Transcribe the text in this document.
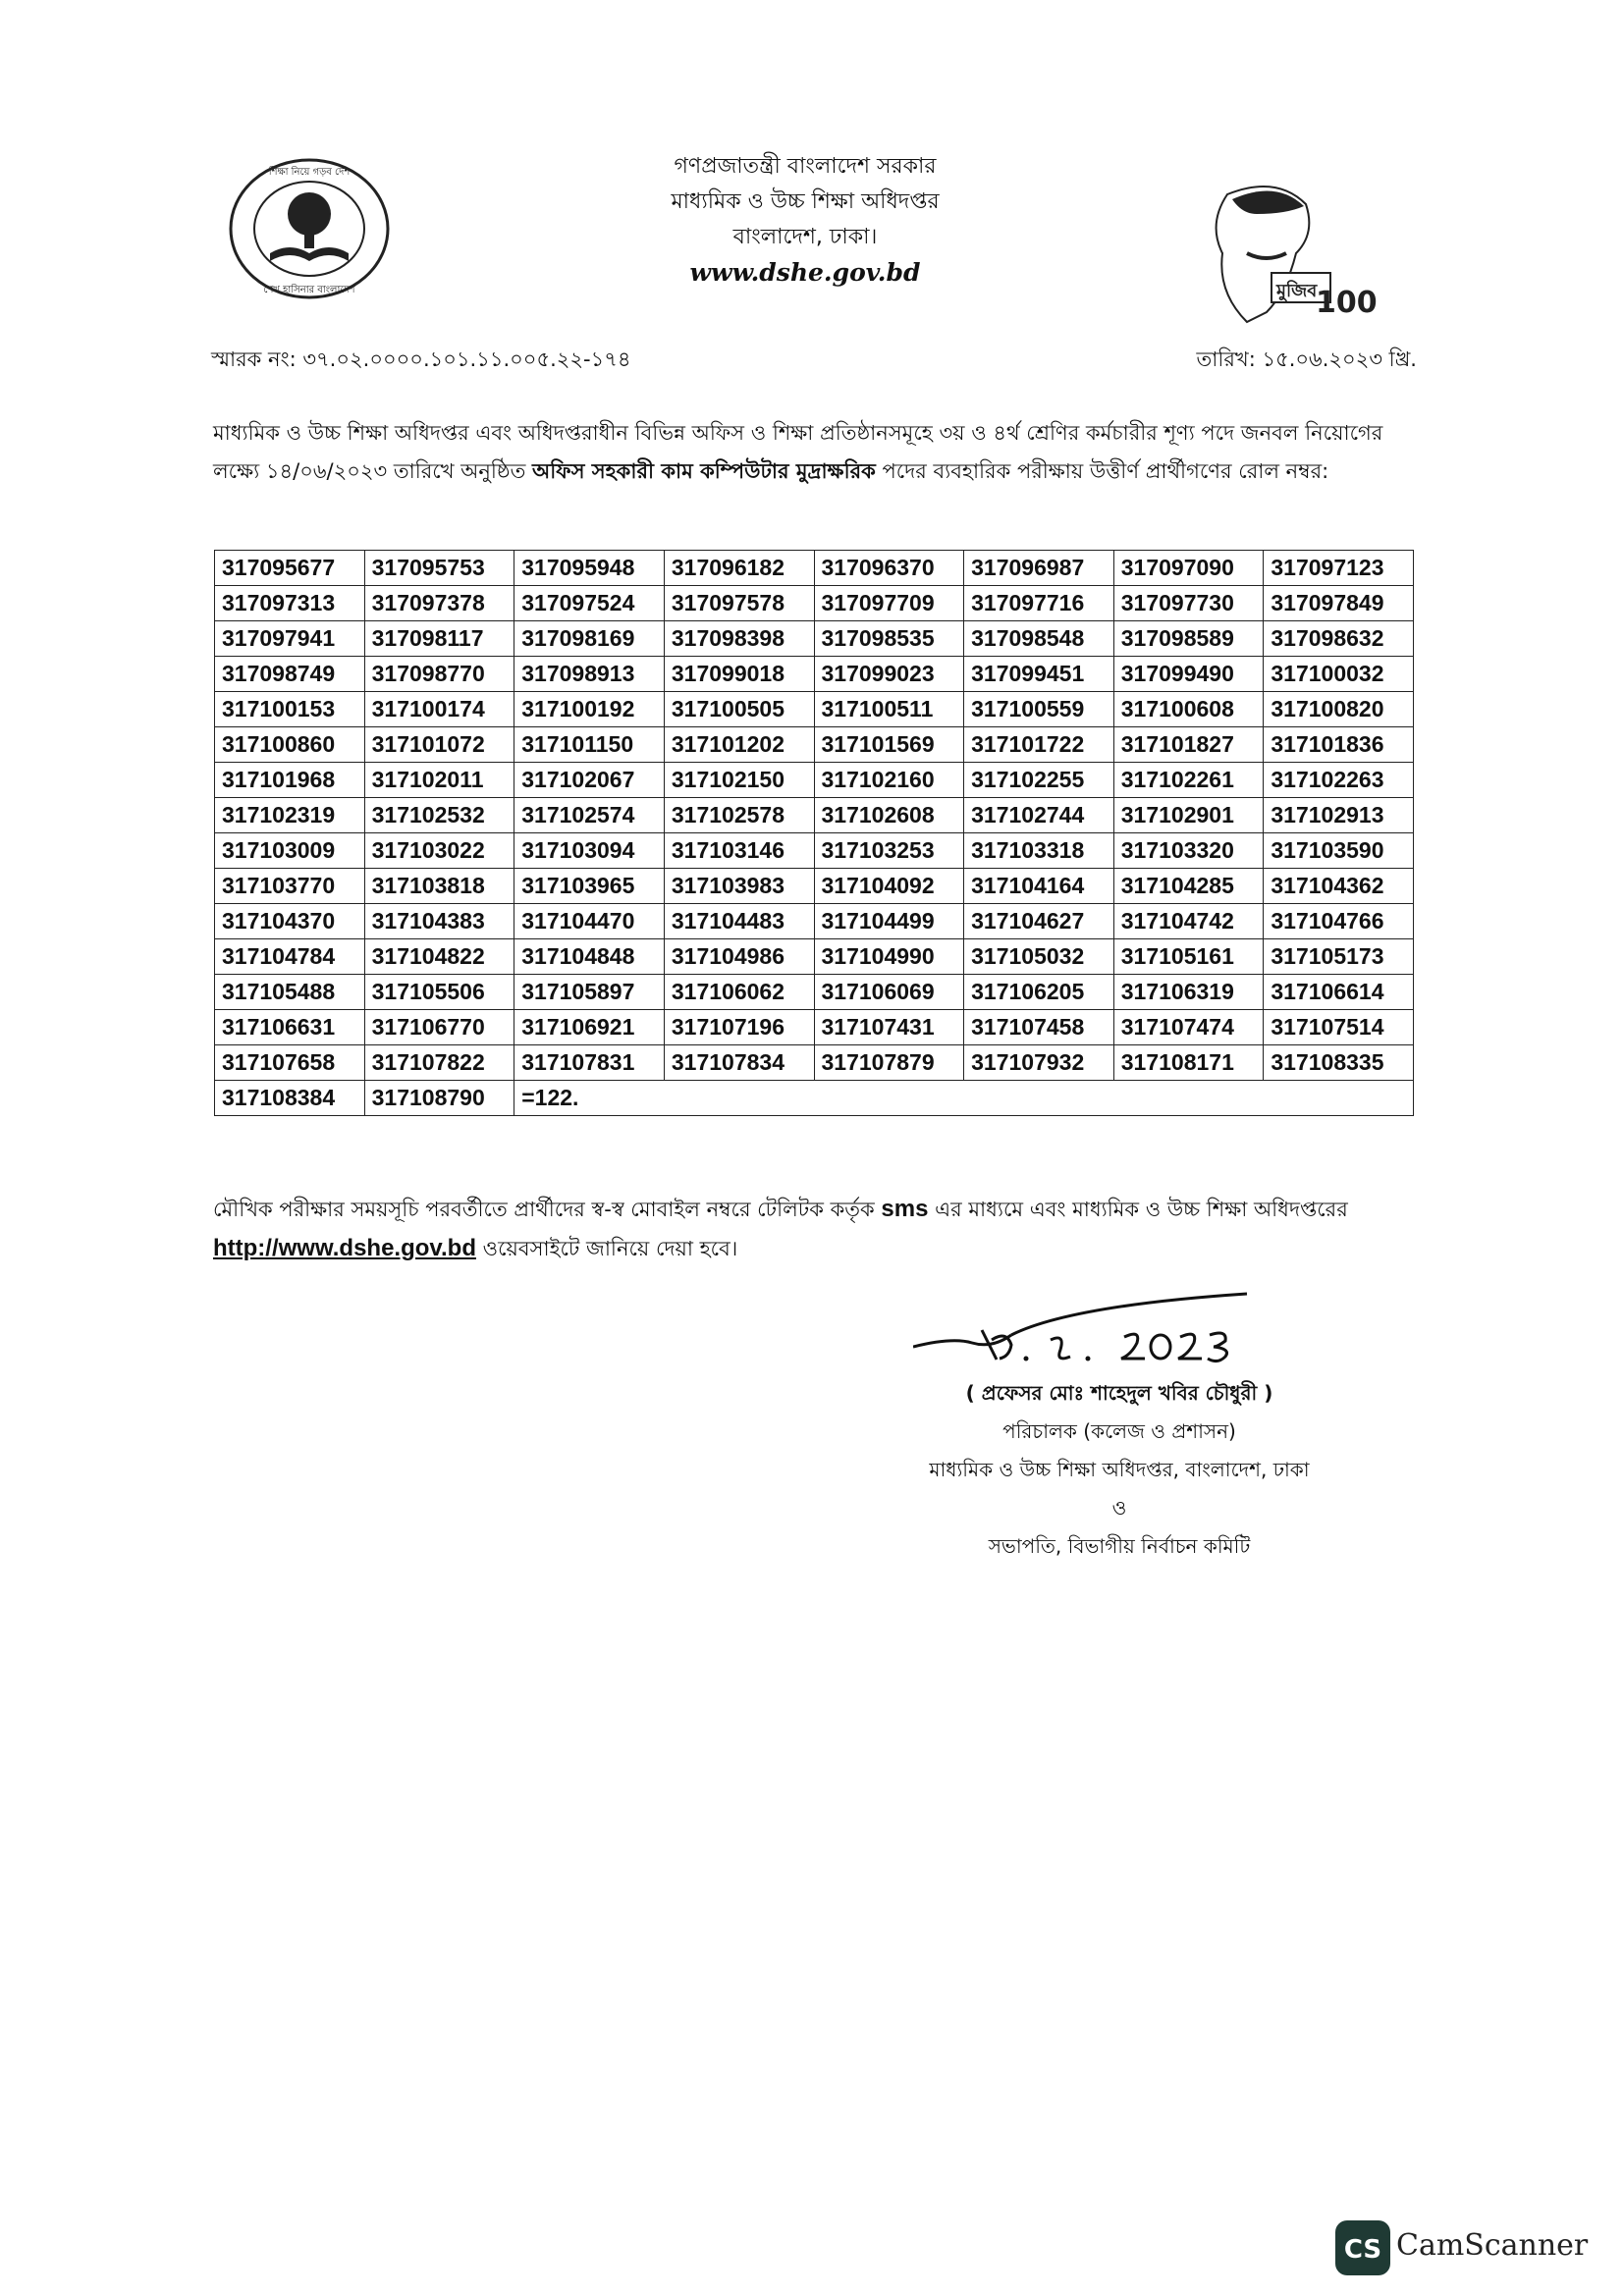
শিক্ষা নিয়ে গড়ব দেশ
শেখ হাসিনার বাংলাদেশ
গণপ্রজাতন্ত্রী বাংলাদেশ সরকার
মাধ্যমিক ও উচ্চ শিক্ষা অধিদপ্তর
বাংলাদেশ, ঢাকা।
www.dshe.gov.bd
100
মুজিব
স্মারক নং: ৩৭.০২.০০০০.১০১.১১.০০৫.২২-১৭৪	তারিখ: ১৫.০৬.২০২৩ খ্রি.
মাধ্যমিক ও উচ্চ শিক্ষা অধিদপ্তর এবং অধিদপ্তরাধীন বিভিন্ন অফিস ও শিক্ষা প্রতিষ্ঠানসমূহে ৩য় ও ৪র্থ শ্রেণির কর্মচারীর শূণ্য পদে জনবল নিয়োগের লক্ষ্যে ১৪/০৬/২০২৩ তারিখে অনুষ্ঠিত অফিস সহকারী কাম কম্পিউটার মুদ্রাক্ষরিক পদের ব্যবহারিক পরীক্ষায় উত্তীর্ণ প্রার্থীগণের রোল নম্বর:
317095677	317095753	317095948	317096182	317096370	317096987	317097090	317097123
317097313	317097378	317097524	317097578	317097709	317097716	317097730	317097849
317097941	317098117	317098169	317098398	317098535	317098548	317098589	317098632
317098749	317098770	317098913	317099018	317099023	317099451	317099490	317100032
317100153	317100174	317100192	317100505	317100511	317100559	317100608	317100820
317100860	317101072	317101150	317101202	317101569	317101722	317101827	317101836
317101968	317102011	317102067	317102150	317102160	317102255	317102261	317102263
317102319	317102532	317102574	317102578	317102608	317102744	317102901	317102913
317103009	317103022	317103094	317103146	317103253	317103318	317103320	317103590
317103770	317103818	317103965	317103983	317104092	317104164	317104285	317104362
317104370	317104383	317104470	317104483	317104499	317104627	317104742	317104766
317104784	317104822	317104848	317104986	317104990	317105032	317105161	317105173
317105488	317105506	317105897	317106062	317106069	317106205	317106319	317106614
317106631	317106770	317106921	317107196	317107431	317107458	317107474	317107514
317107658	317107822	317107831	317107834	317107879	317107932	317108171	317108335
317108384	317108790	=122.					
মৌখিক পরীক্ষার সময়সূচি পরবর্তীতে প্রার্থীদের স্ব-স্ব মোবাইল নম্বরে টেলিটক কর্তৃক sms এর মাধ্যমে এবং মাধ্যমিক ও উচ্চ শিক্ষা অধিদপ্তরের http://www.dshe.gov.bd ওয়েবসাইটে জানিয়ে দেয়া হবে।
( প্রফেসর মোঃ শাহেদুল খবির চৌধুরী )
পরিচালক (কলেজ ও প্রশাসন)
মাধ্যমিক ও উচ্চ শিক্ষা অধিদপ্তর, বাংলাদেশ, ঢাকা
ও
সভাপতি, বিভাগীয় নির্বাচন কমিটি
CS CamScanner
